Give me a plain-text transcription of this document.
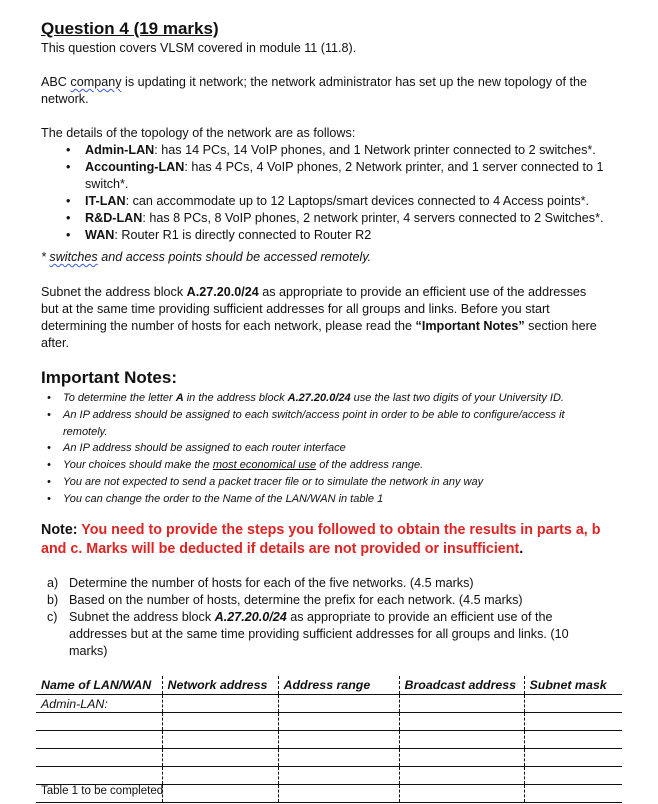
Question 4 (19 marks)
This question covers VLSM covered in module 11 (11.8).
ABC company is updating it network; the network administrator has set up the new topology of the network.
The details of the topology of the network are as follows:
• Admin-LAN: has 14 PCs, 14 VoIP phones, and 1 Network printer connected to 2 switches*.
• Accounting-LAN: has 4 PCs, 4 VoIP phones, 2 Network printer, and 1 server connected to 1 switch*.
• IT-LAN: can accommodate up to 12 Laptops/smart devices connected to 4 Access points*.
• R&D-LAN: has 8 PCs, 8 VoIP phones, 2 network printer, 4 servers connected to 2 Switches*.
• WAN: Router R1 is directly connected to Router R2
* switches and access points should be accessed remotely.
Subnet the address block A.27.20.0/24 as appropriate to provide an efficient use of the addresses but at the same time providing sufficient addresses for all groups and links. Before you start determining the number of hosts for each network, please read the “Important Notes” section here after.
Important Notes:
• To determine the letter A in the address block A.27.20.0/24 use the last two digits of your University ID.
• An IP address should be assigned to each switch/access point in order to be able to configure/access it remotely.
• An IP address should be assigned to each router interface
• Your choices should make the most economical use of the address range.
• You are not expected to send a packet tracer file or to simulate the network in any way
• You can change the order to the Name of the LAN/WAN in table 1
Note: You need to provide the steps you followed to obtain the results in parts a, b and c. Marks will be deducted if details are not provided or insufficient.
a) Determine the number of hosts for each of the five networks. (4.5 marks)
b) Based on the number of hosts, determine the prefix for each network. (4.5 marks)
c) Subnet the address block A.27.20.0/24 as appropriate to provide an efficient use of the addresses but at the same time providing sufficient addresses for all groups and links. (10 marks)
Name of LAN/WAN	Network address	Address range	Broadcast address	Subnet mask
Admin-LAN:				

Table 1 to be completed
